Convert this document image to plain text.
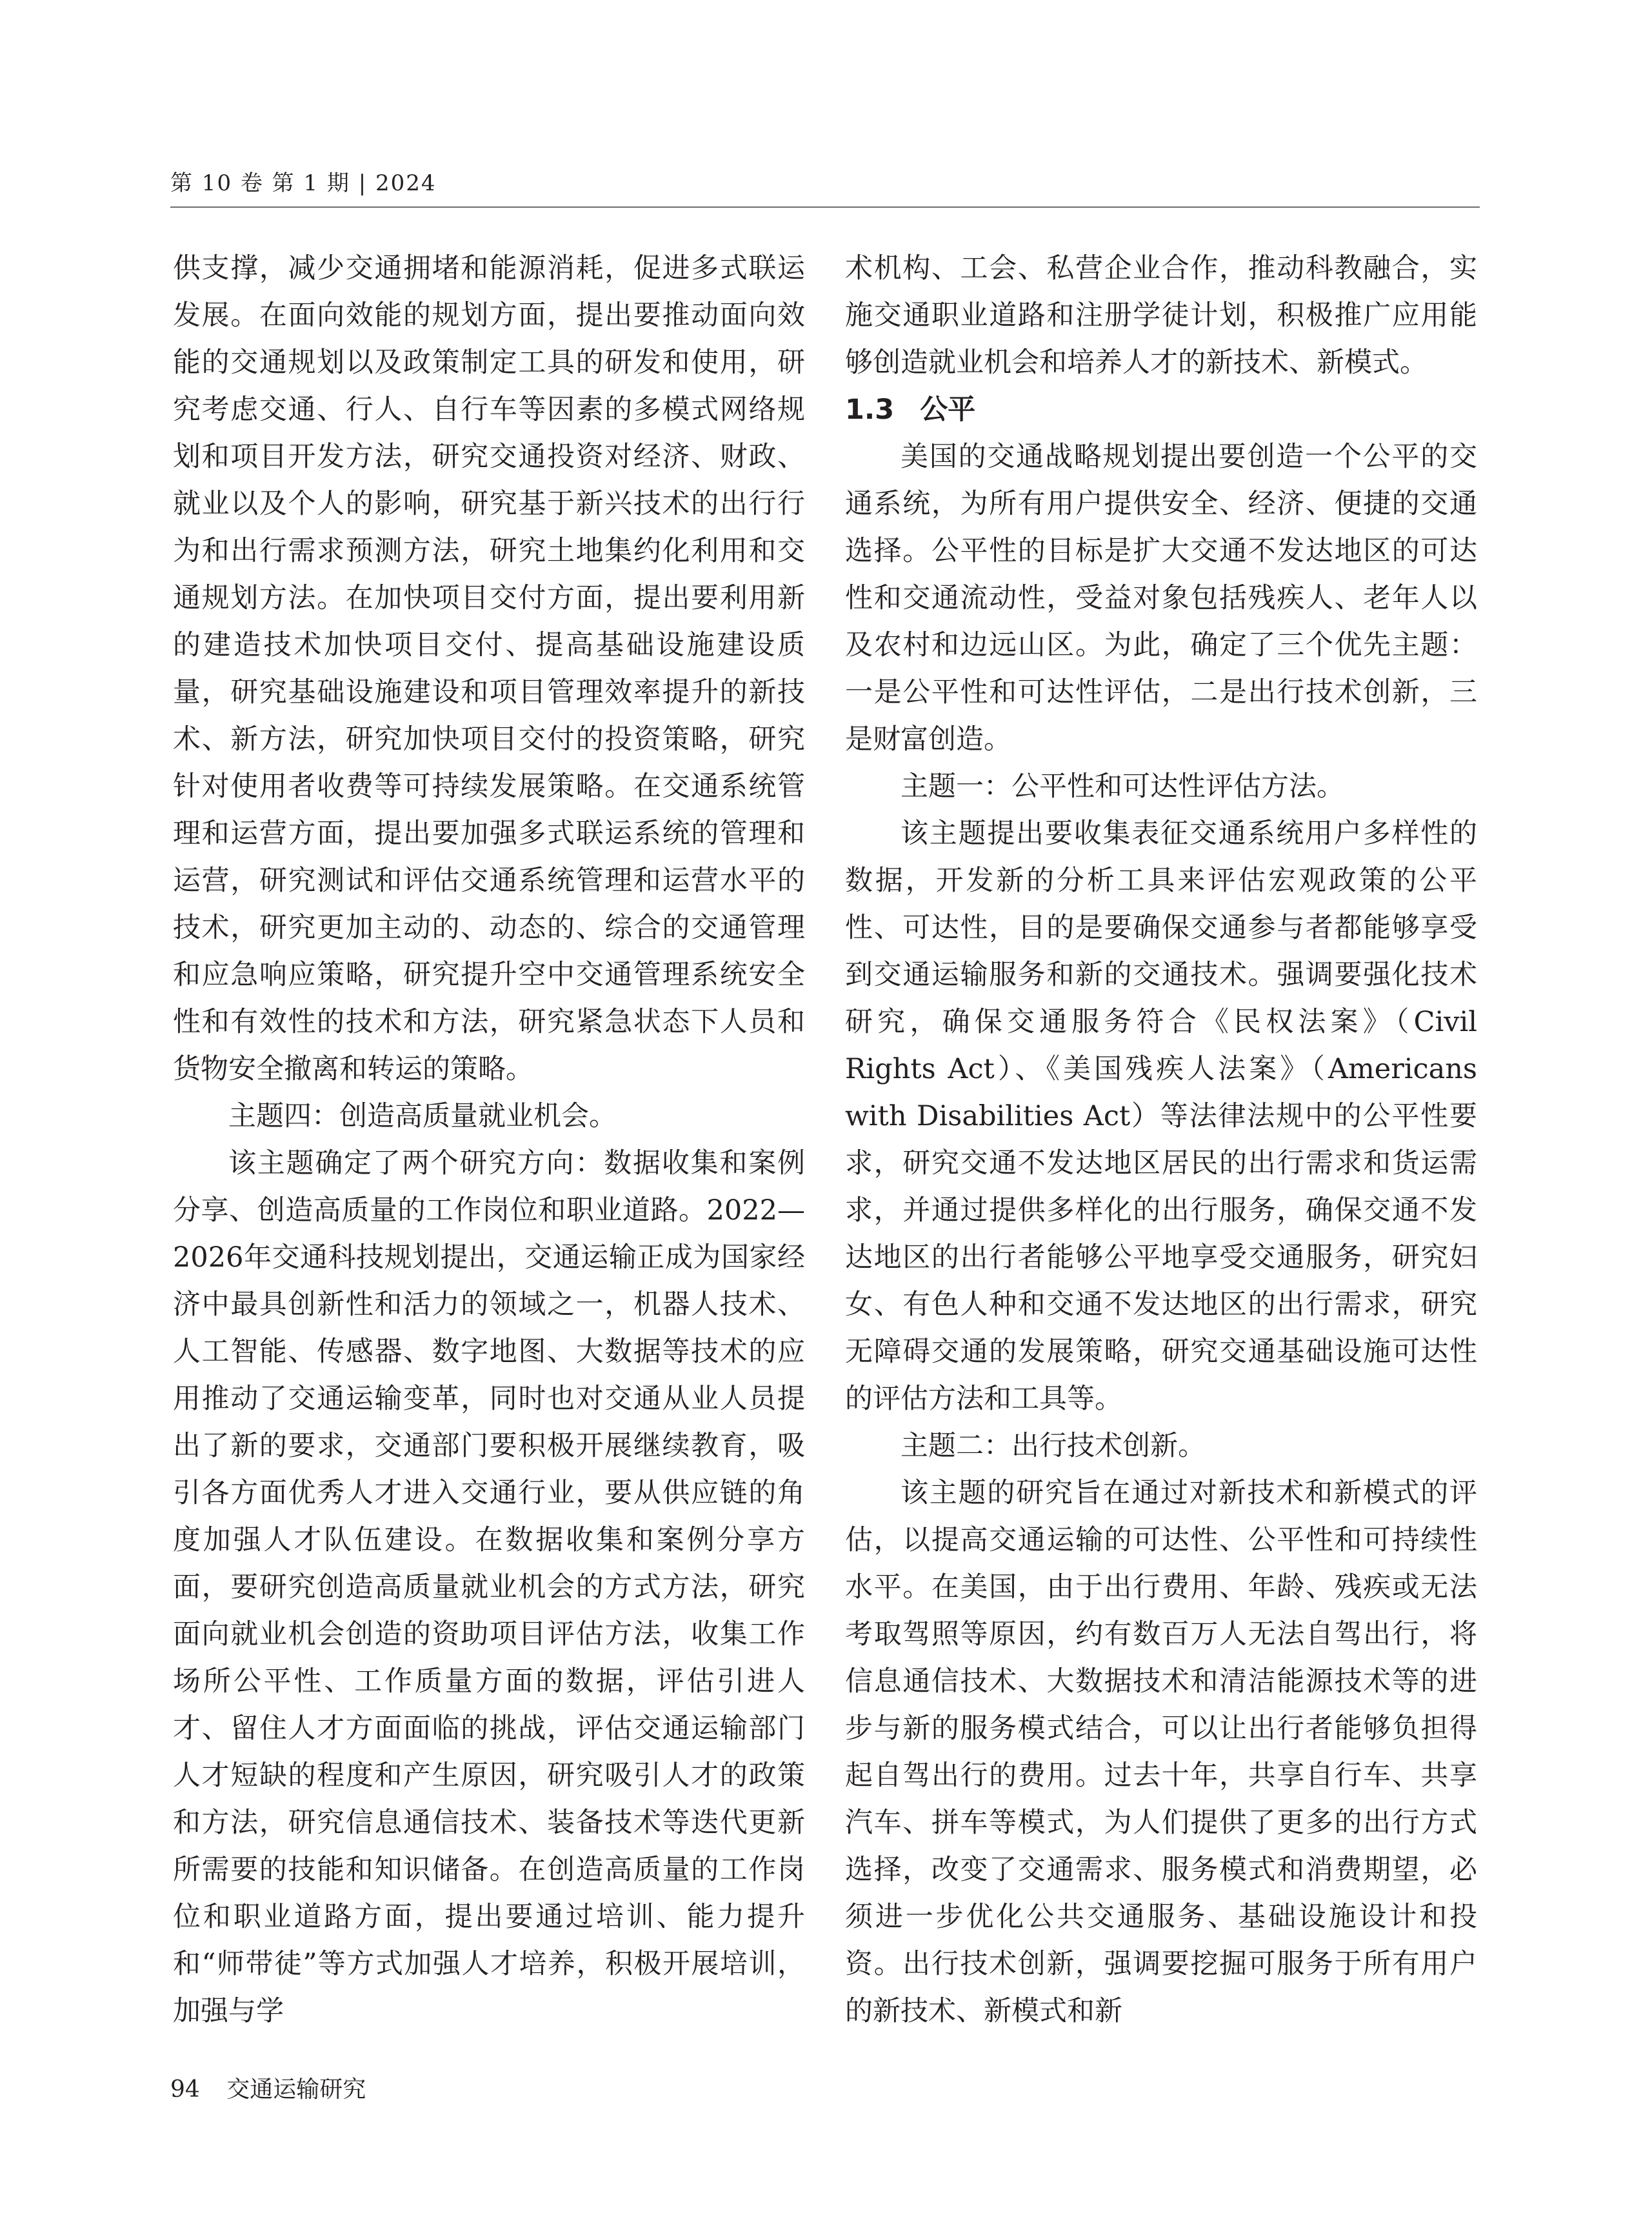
第 10 卷 第 1 期 | 2024

供支撑，减少交通拥堵和能源消耗，促进多式联运发展。在面向效能的规划方面，提出要推动面向效能的交通规划以及政策制定工具的研发和使用，研究考虑交通、行人、自行车等因素的多模式网络规划和项目开发方法，研究交通投资对经济、财政、就业以及个人的影响，研究基于新兴技术的出行行为和出行需求预测方法，研究土地集约化利用和交通规划方法。在加快项目交付方面，提出要利用新的建造技术加快项目交付、提高基础设施建设质量，研究基础设施建设和项目管理效率提升的新技术、新方法，研究加快项目交付的投资策略，研究针对使用者收费等可持续发展策略。在交通系统管理和运营方面，提出要加强多式联运系统的管理和运营，研究测试和评估交通系统管理和运营水平的技术，研究更加主动的、动态的、综合的交通管理和应急响应策略，研究提升空中交通管理系统安全性和有效性的技术和方法，研究紧急状态下人员和货物安全撤离和转运的策略。

主题四：创造高质量就业机会。

该主题确定了两个研究方向：数据收集和案例分享、创造高质量的工作岗位和职业道路。2022—2026年交通科技规划提出，交通运输正成为国家经济中最具创新性和活力的领域之一，机器人技术、人工智能、传感器、数字地图、大数据等技术的应用推动了交通运输变革，同时也对交通从业人员提出了新的要求，交通部门要积极开展继续教育，吸引各方面优秀人才进入交通行业，要从供应链的角度加强人才队伍建设。在数据收集和案例分享方面，要研究创造高质量就业机会的方式方法，研究面向就业机会创造的资助项目评估方法，收集工作场所公平性、工作质量方面的数据，评估引进人才、留住人才方面面临的挑战，评估交通运输部门人才短缺的程度和产生原因，研究吸引人才的政策和方法，研究信息通信技术、装备技术等迭代更新所需要的技能和知识储备。在创造高质量的工作岗位和职业道路方面，提出要通过培训、能力提升和“师带徒”等方式加强人才培养，积极开展培训，加强与学

术机构、工会、私营企业合作，推动科教融合，实施交通职业道路和注册学徒计划，积极推广应用能够创造就业机会和培养人才的新技术、新模式。

1.3 公平

美国的交通战略规划提出要创造一个公平的交通系统，为所有用户提供安全、经济、便捷的交通选择。公平性的目标是扩大交通不发达地区的可达性和交通流动性，受益对象包括残疾人、老年人以及农村和边远山区。为此，确定了三个优先主题：一是公平性和可达性评估，二是出行技术创新，三是财富创造。

主题一：公平性和可达性评估方法。

该主题提出要收集表征交通系统用户多样性的数据，开发新的分析工具来评估宏观政策的公平性、可达性，目的是要确保交通参与者都能够享受到交通运输服务和新的交通技术。强调要强化技术研究，确保交通服务符合《民权法案》（Civil Rights Act）、《美国残疾人法案》（Americans with Disabilities Act）等法律法规中的公平性要求，研究交通不发达地区居民的出行需求和货运需求，并通过提供多样化的出行服务，确保交通不发达地区的出行者能够公平地享受交通服务，研究妇女、有色人种和交通不发达地区的出行需求，研究无障碍交通的发展策略，研究交通基础设施可达性的评估方法和工具等。

主题二：出行技术创新。

该主题的研究旨在通过对新技术和新模式的评估，以提高交通运输的可达性、公平性和可持续性水平。在美国，由于出行费用、年龄、残疾或无法考取驾照等原因，约有数百万人无法自驾出行，将信息通信技术、大数据技术和清洁能源技术等的进步与新的服务模式结合，可以让出行者能够负担得起自驾出行的费用。过去十年，共享自行车、共享汽车、拼车等模式，为人们提供了更多的出行方式选择，改变了交通需求、服务模式和消费期望，必须进一步优化公共交通服务、基础设施设计和投资。出行技术创新，强调要挖掘可服务于所有用户的新技术、新模式和新

94 交通运输研究
